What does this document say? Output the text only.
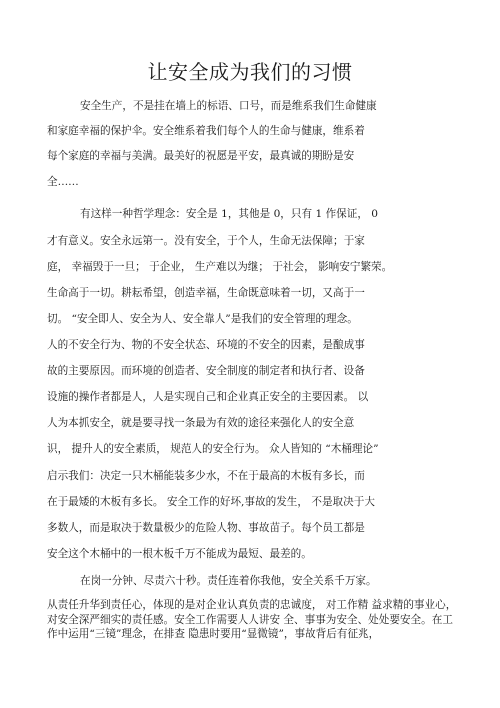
让安全成为我们的习惯
安全生产，不是挂在墙上的标语、口号，而是维系我们生命健康
和家庭幸福的保护伞。安全维系着我们每个人的生命与健康，维系着
每个家庭的幸福与美满。最美好的祝愿是平安，最真诚的期盼是安
全……
有这样一种哲学理念：安全是 1，其他是 0，只有 1 作保证， 0
才有意义。安全永远第一。没有安全，于个人，生命无法保障；于家
庭， 幸福毁于一旦； 于企业， 生产难以为继； 于社会， 影响安宁繁荣。
生命高于一切。耕耘希望，创造幸福，生命既意味着一切，又高于一
切。 “安全即人、安全为人、安全靠人”是我们的安全管理的理念。
人的不安全行为、物的不安全状态、环境的不安全的因素，是酿成事
故的主要原因。而环境的创造者、安全制度的制定者和执行者、设备
设施的操作者都是人，人是实现自己和企业真正安全的主要因素。 以
人为本抓安全，就是要寻找一条最为有效的途径来强化人的安全意
识， 提升人的安全素质， 规范人的安全行为。 众人皆知的 “木桶理论”
启示我们：决定一只木桶能装多少水，不在于最高的木板有多长，而
在于最矮的木板有多长。 安全工作的好坏,事故的发生， 不是取决于大
多数人，而是取决于数量极少的危险人物、事故苗子。每个员工都是
安全这个木桶中的一根木板千万不能成为最短、最差的。
在岗一分钟、尽责六十秒。责任连着你我他，安全关系千万家。
从责任升华到责任心，体现的是对企业认真负责的忠诚度， 对工作精 益求精的事业心，对安全深严细实的责任感。安全工作需要人人讲安 全、事事为安全、处处要安全。在工作中运用“三镜”理念，在排查 隐患时要用“显微镜”，事故背后有征兆，
